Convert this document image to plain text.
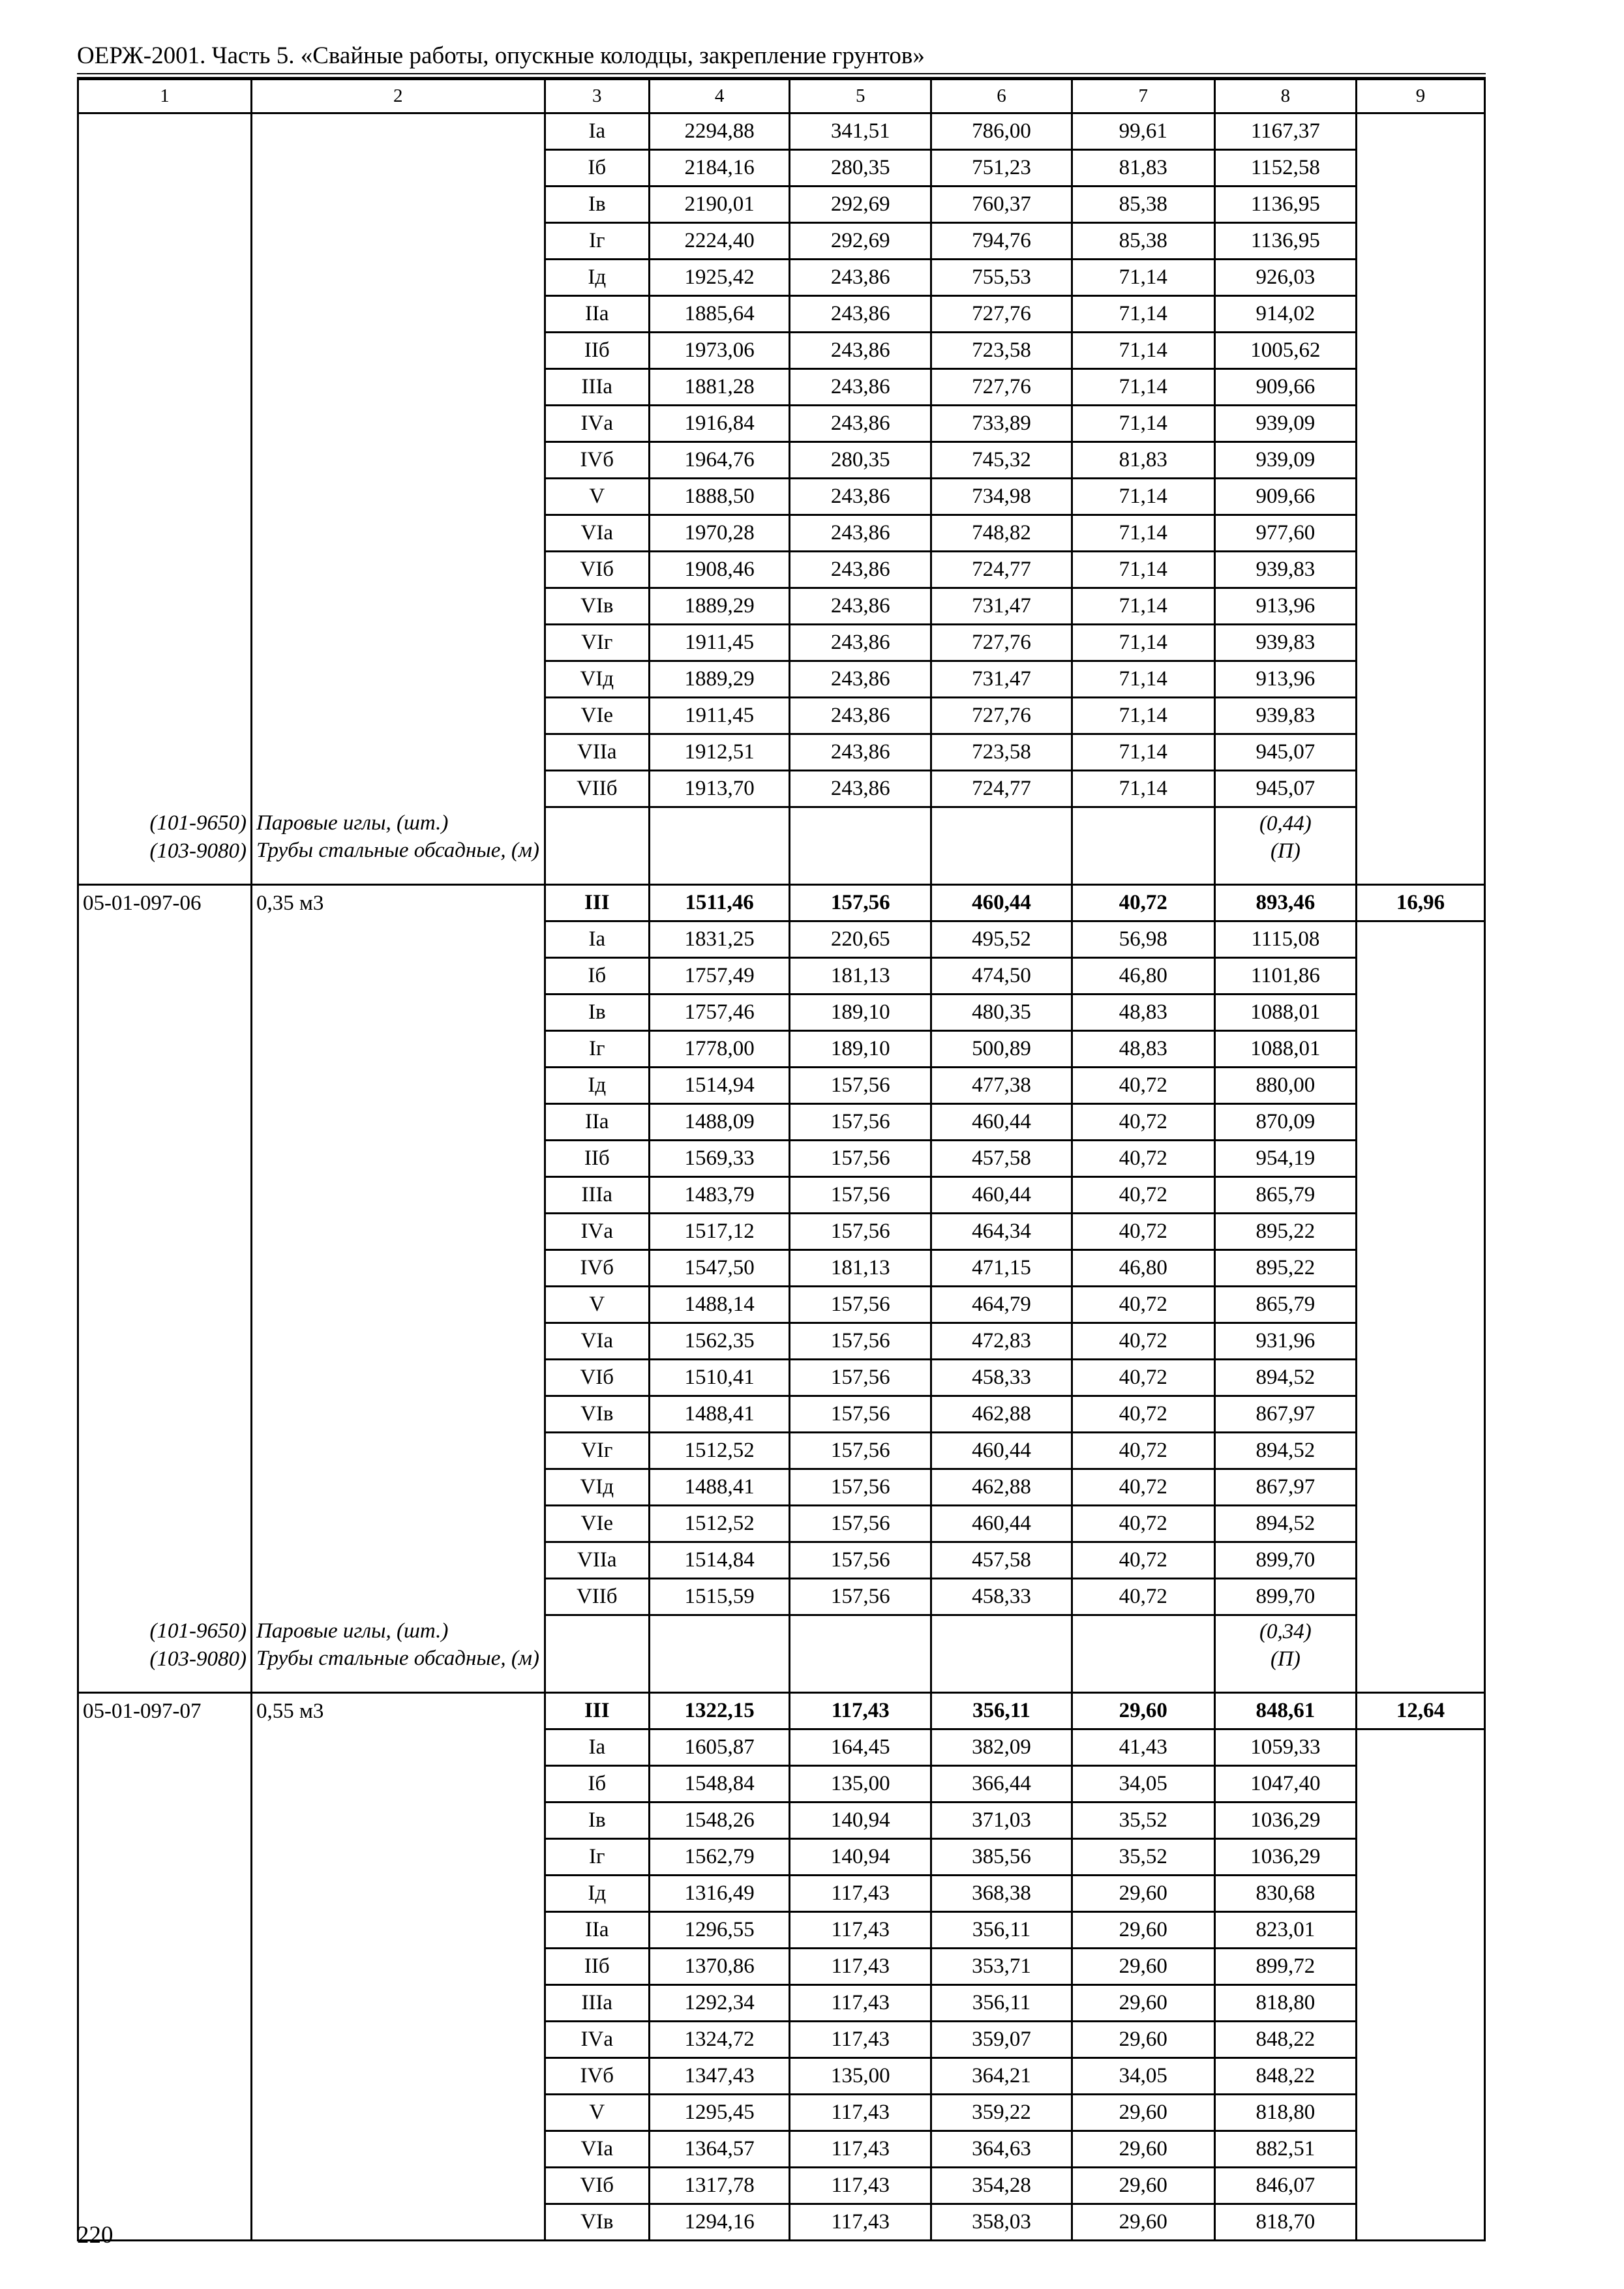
ОЕРЖ-2001. Часть 5. «Свайные работы, опускные колодцы, закрепление грунтов»
1	2	3	4	5	6	7	8	9
		Iа	2294,88	341,51	786,00	99,61	1167,37	
		Iб	2184,16	280,35	751,23	81,83	1152,58	
		Iв	2190,01	292,69	760,37	85,38	1136,95	
		Iг	2224,40	292,69	794,76	85,38	1136,95	
		Iд	1925,42	243,86	755,53	71,14	926,03	
		IIа	1885,64	243,86	727,76	71,14	914,02	
		IIб	1973,06	243,86	723,58	71,14	1005,62	
		IIIа	1881,28	243,86	727,76	71,14	909,66	
		IVа	1916,84	243,86	733,89	71,14	939,09	
		IVб	1964,76	280,35	745,32	81,83	939,09	
		V	1888,50	243,86	734,98	71,14	909,66	
		VIа	1970,28	243,86	748,82	71,14	977,60	
		VIб	1908,46	243,86	724,77	71,14	939,83	
		VIв	1889,29	243,86	731,47	71,14	913,96	
		VIг	1911,45	243,86	727,76	71,14	939,83	
		VIд	1889,29	243,86	731,47	71,14	913,96	
		VIе	1911,45	243,86	727,76	71,14	939,83	
		VIIа	1912,51	243,86	723,58	71,14	945,07	
		VIIб	1913,70	243,86	724,77	71,14	945,07	
(101-9650)	Паровые иглы, (шт.)						(0,44)	
(103-9080)	Трубы стальные обсадные, (м)						(П)	
05-01-097-06	0,35 м3	III	1511,46	157,56	460,44	40,72	893,46	16,96
		Iа	1831,25	220,65	495,52	56,98	1115,08	
		Iб	1757,49	181,13	474,50	46,80	1101,86	
		Iв	1757,46	189,10	480,35	48,83	1088,01	
		Iг	1778,00	189,10	500,89	48,83	1088,01	
		Iд	1514,94	157,56	477,38	40,72	880,00	
		IIа	1488,09	157,56	460,44	40,72	870,09	
		IIб	1569,33	157,56	457,58	40,72	954,19	
		IIIа	1483,79	157,56	460,44	40,72	865,79	
		IVа	1517,12	157,56	464,34	40,72	895,22	
		IVб	1547,50	181,13	471,15	46,80	895,22	
		V	1488,14	157,56	464,79	40,72	865,79	
		VIа	1562,35	157,56	472,83	40,72	931,96	
		VIб	1510,41	157,56	458,33	40,72	894,52	
		VIв	1488,41	157,56	462,88	40,72	867,97	
		VIг	1512,52	157,56	460,44	40,72	894,52	
		VIд	1488,41	157,56	462,88	40,72	867,97	
		VIе	1512,52	157,56	460,44	40,72	894,52	
		VIIа	1514,84	157,56	457,58	40,72	899,70	
		VIIб	1515,59	157,56	458,33	40,72	899,70	
(101-9650)	Паровые иглы, (шт.)						(0,34)	
(103-9080)	Трубы стальные обсадные, (м)						(П)	
05-01-097-07	0,55 м3	III	1322,15	117,43	356,11	29,60	848,61	12,64
		Iа	1605,87	164,45	382,09	41,43	1059,33	
		Iб	1548,84	135,00	366,44	34,05	1047,40	
		Iв	1548,26	140,94	371,03	35,52	1036,29	
		Iг	1562,79	140,94	385,56	35,52	1036,29	
		Iд	1316,49	117,43	368,38	29,60	830,68	
		IIа	1296,55	117,43	356,11	29,60	823,01	
		IIб	1370,86	117,43	353,71	29,60	899,72	
		IIIа	1292,34	117,43	356,11	29,60	818,80	
		IVа	1324,72	117,43	359,07	29,60	848,22	
		IVб	1347,43	135,00	364,21	34,05	848,22	
		V	1295,45	117,43	359,22	29,60	818,80	
		VIа	1364,57	117,43	364,63	29,60	882,51	
		VIб	1317,78	117,43	354,28	29,60	846,07	
		VIв	1294,16	117,43	358,03	29,60	818,70	
220
